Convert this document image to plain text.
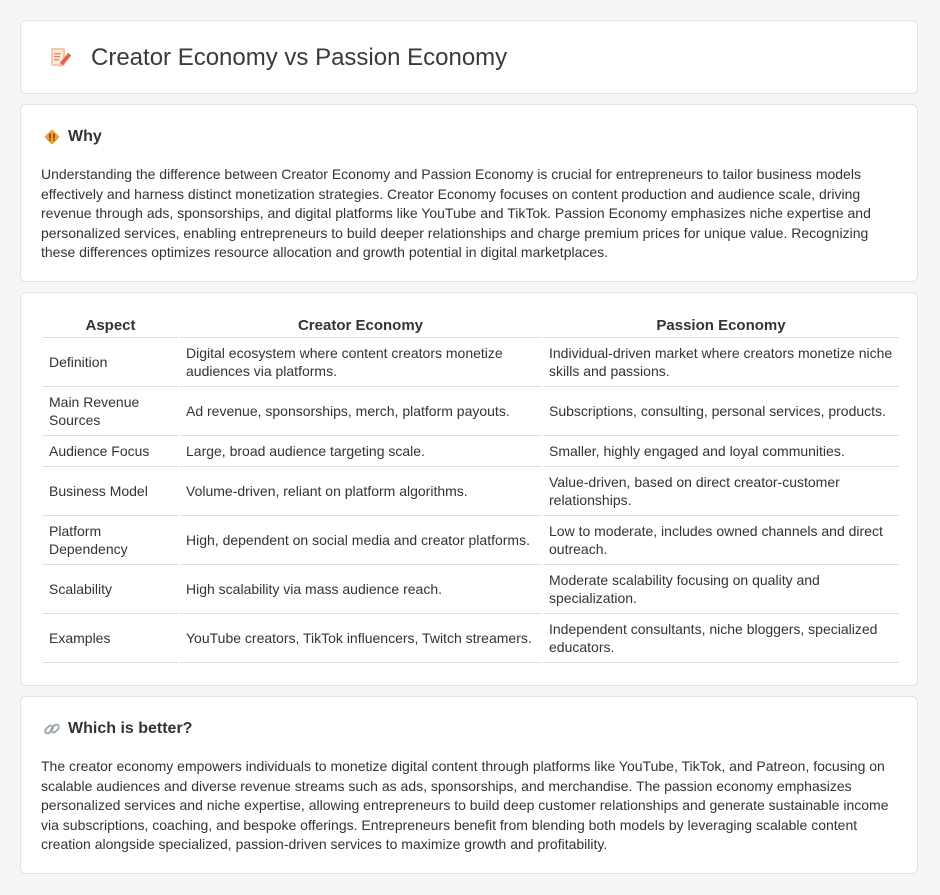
Creator Economy vs Passion Economy
Why

Understanding the difference between Creator Economy and Passion Economy is crucial for entrepreneurs to tailor business models effectively and harness distinct monetization strategies. Creator Economy focuses on content production and audience scale, driving revenue through ads, sponsorships, and digital platforms like YouTube and TikTok. Passion Economy emphasizes niche expertise and personalized services, enabling entrepreneurs to build deeper relationships and charge premium prices for unique value. Recognizing these differences optimizes resource allocation and growth potential in digital marketplaces.

Aspect	Creator Economy	Passion Economy
Definition	Digital ecosystem where content creators monetize audiences via platforms.	Individual-driven market where creators monetize niche skills and passions.
Main Revenue Sources	Ad revenue, sponsorships, merch, platform payouts.	Subscriptions, consulting, personal services, products.
Audience Focus	Large, broad audience targeting scale.	Smaller, highly engaged and loyal communities.
Business Model	Volume-driven, reliant on platform algorithms.	Value-driven, based on direct creator-customer relationships.
Platform Dependency	High, dependent on social media and creator platforms.	Low to moderate, includes owned channels and direct outreach.
Scalability	High scalability via mass audience reach.	Moderate scalability focusing on quality and specialization.
Examples	YouTube creators, TikTok influencers, Twitch streamers.	Independent consultants, niche bloggers, specialized educators.
Which is better?

The creator economy empowers individuals to monetize digital content through platforms like YouTube, TikTok, and Patreon, focusing on scalable audiences and diverse revenue streams such as ads, sponsorships, and merchandise. The passion economy emphasizes personalized services and niche expertise, allowing entrepreneurs to build deep customer relationships and generate sustainable income via subscriptions, coaching, and bespoke offerings. Entrepreneurs benefit from blending both models by leveraging scalable content creation alongside specialized, passion-driven services to maximize growth and profitability.
